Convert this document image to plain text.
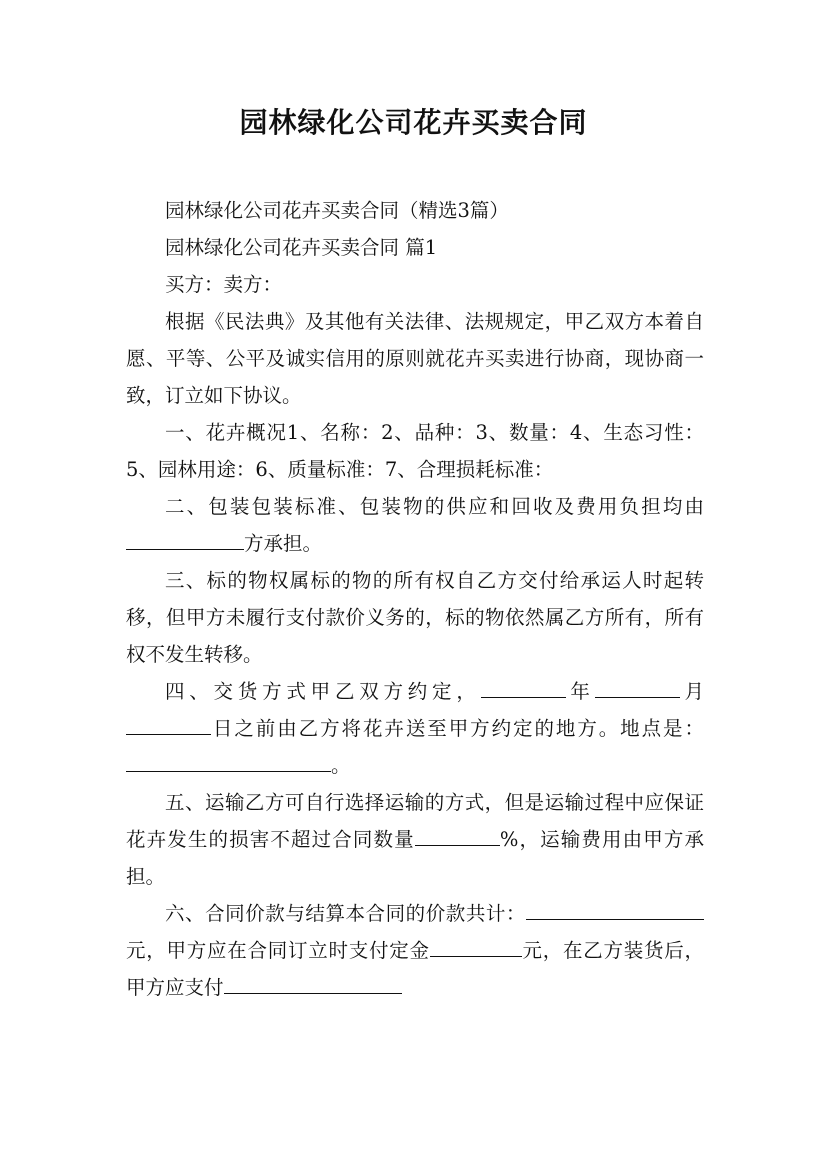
园林绿化公司花卉买卖合同

园林绿化公司花卉买卖合同（精选3篇）

园林绿化公司花卉买卖合同 篇1

买方：卖方：

根据《民法典》及其他有关法律、法规规定，甲乙双方本着自愿、平等、公平及诚实信用的原则就花卉买卖进行协商，现协商一致，订立如下协议。

一、花卉概况1、名称：2、品种：3、数量：4、生态习性：5、园林用途：6、质量标准：7、合理损耗标准：

二、包装包装标准、包装物的供应和回收及费用负担均由方承担。

三、标的物权属标的物的所有权自乙方交付给承运人时起转移，但甲方未履行支付款价义务的，标的物依然属乙方所有，所有权不发生转移。

四、交货方式甲乙双方约定，	年	月日之前由乙方将花卉送至甲方约定的地方。地点是：。

五、运输乙方可自行选择运输的方式，但是运输过程中应保证花卉发生的损害不超过合同数量	%，运输费用由甲方承担。

六、合同价款与结算本合同的价款共计：元，甲方应在合同订立时支付定金	元，在乙方装货后，甲方应支付
